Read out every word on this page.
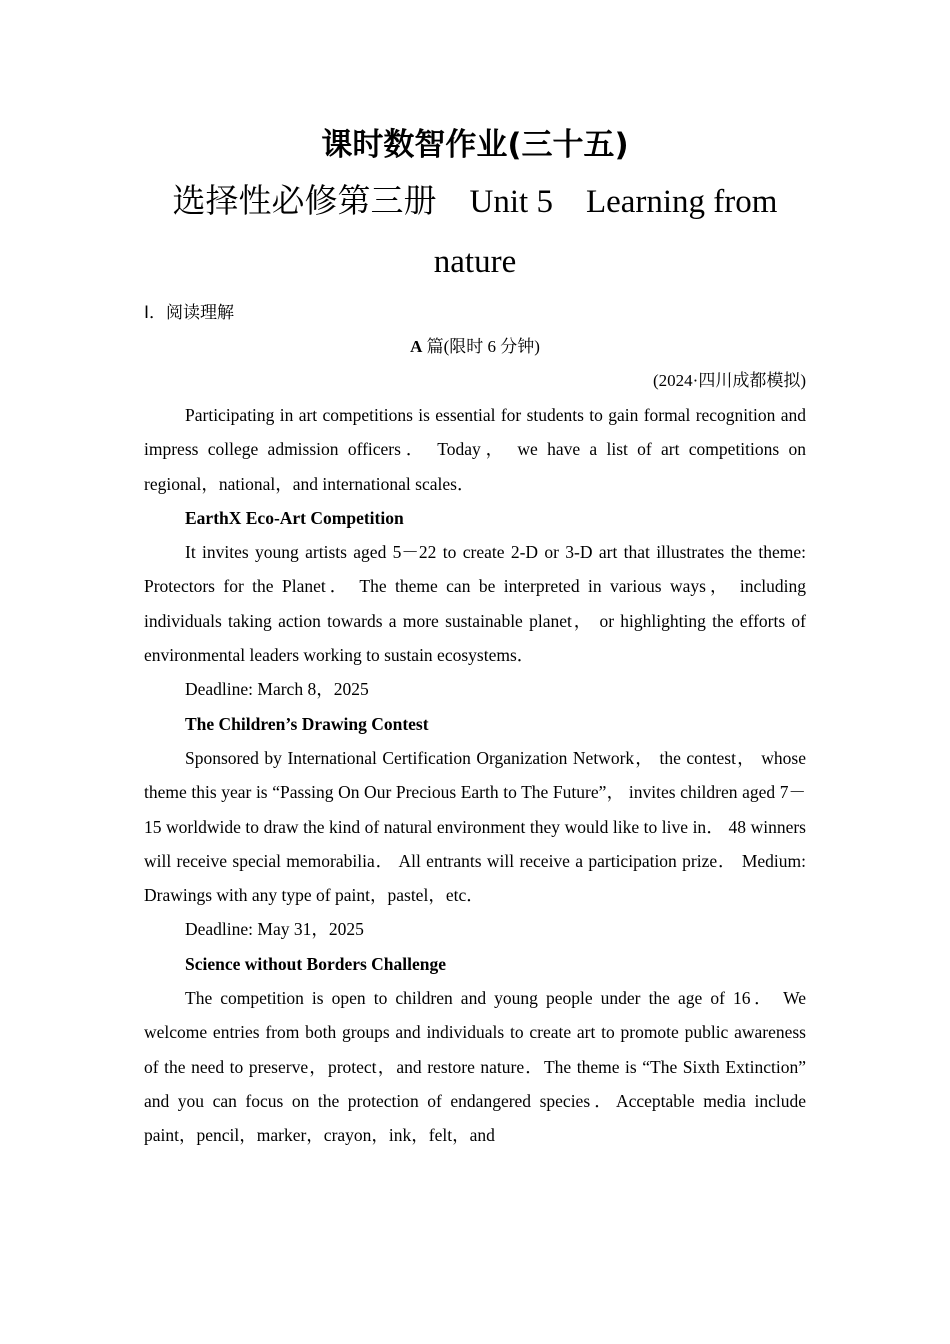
课时数智作业(三十五)
选择性必修第三册　Unit 5　Learning from
nature
Ⅰ．阅读理解
A 篇(限时 6 分钟)
(2024·四川成都模拟)

Participating in art competitions is essential for students to gain formal recognition and impress college admission officers． Today， we have a list of art competitions on regional，national，and international scales．

EarthX Eco-Art Competition

It invites young artists aged 5－22 to create 2-D or 3-D art that illustrates the theme: Protectors for the Planet． The theme can be interpreted in various ways， including individuals taking action towards a more sustainable planet， or highlighting the efforts of environmental leaders working to sustain ecosystems．

Deadline: March 8，2025

The Children’s Drawing Contest

Sponsored by International Certification Organization Network， the contest， whose theme this year is “Passing On Our Precious Earth to The Future”， invites children aged 7－15 worldwide to draw the kind of natural environment they would like to live in． 48 winners will receive special memorabilia． All entrants will receive a participation prize． Medium: Drawings with any type of paint，pastel，etc．

Deadline: May 31，2025

Science without Borders Challenge

The competition is open to children and young people under the age of 16． We welcome entries from both groups and individuals to create art to promote public awareness of the need to preserve，protect，and restore nature．The theme is “The Sixth Extinction” and you can focus on the protection of endangered species．Acceptable media include paint，pencil，marker，crayon，ink，felt，and
